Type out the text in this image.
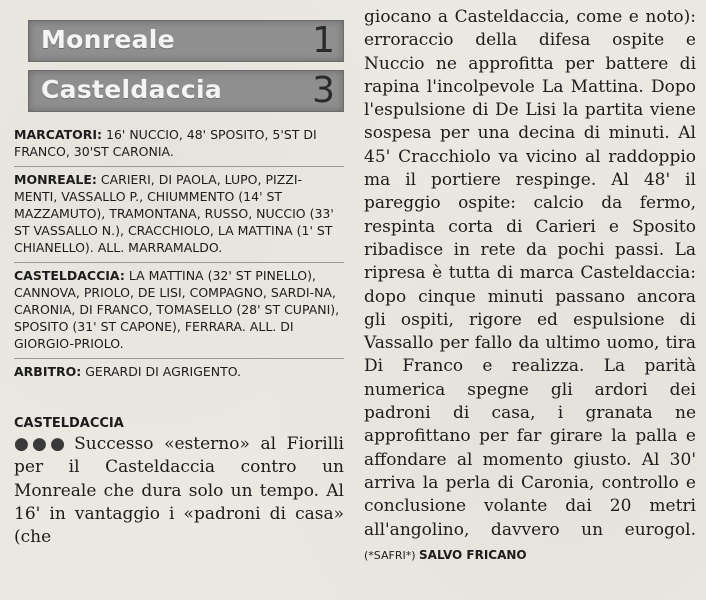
Monreale	1
Casteldaccia	3
MARCATORI: 16' NUCCIO, 48' SPOSITO, 5'ST DI FRANCO, 30'ST CARONIA.
MONREALE: CARIERI, DI PAOLA, LUPO, PIZZI-MENTI, VASSALLO P., CHIUMMENTO (14' ST MAZZAMUTO), TRAMONTANA, RUSSO, NUCCIO (33' ST VASSALLO N.), CRACCHIOLO, LA MATTINA (1' ST CHIANELLO). ALL. MARRAMALDO.
CASTELDACCIA: LA MATTINA (32' ST PINELLO), CANNOVA, PRIOLO, DE LISI, COMPAGNO, SARDI-NA, CARONIA, DI FRANCO, TOMASELLO (28' ST CUPANI), SPOSITO (31' ST CAPONE), FERRARA. ALL. DI GIORGIO-PRIOLO.
ARBITRO: GERARDI DI AGRIGENTO.
CASTELDACCIA
●●● Successo «esterno» al Fiorilli per il Casteldaccia contro un Monreale che dura solo un tempo. Al 16' in vantaggio i «padroni di casa» (che
giocano a Casteldaccia, come e noto): erroraccio della difesa ospite e Nuccio ne approfitta per battere di rapina l'incolpevole La Mattina. Dopo l'espulsione di De Lisi la partita viene sospesa per una decina di minuti. Al 45' Cracchiolo va vicino al raddoppio ma il portiere respinge. Al 48' il pareggio ospite: calcio da fermo, respinta corta di Carieri e Sposito ribadisce in rete da pochi passi. La ripresa è tutta di marca Casteldaccia: dopo cinque minuti passano ancora gli ospiti, rigore ed espulsione di Vassallo per fallo da ultimo uomo, tira Di Franco e realizza. La parità numerica spegne gli ardori dei padroni di casa, i granata ne approfittano per far girare la palla e affondare al momento giusto. Al 30' arriva la perla di Caronia, controllo e conclusione volante dai 20 metri all'angolino, davvero un eurogol. (*SAFRI*) SALVO FRICANO
